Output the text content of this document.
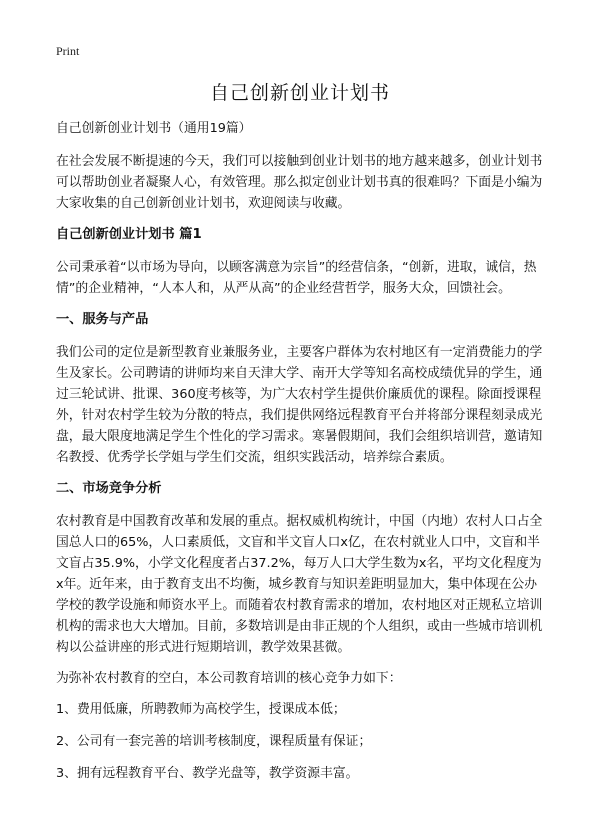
Print
自己创新创业计划书

自己创新创业计划书（通用19篇）

在社会发展不断提速的今天，我们可以接触到创业计划书的地方越来越多，创业计划书可以帮助创业者凝聚人心，有效管理。那么拟定创业计划书真的很难吗？下面是小编为大家收集的自己创新创业计划书，欢迎阅读与收藏。

自己创新创业计划书 篇1

公司秉承着“以市场为导向，以顾客满意为宗旨”的经营信条，“创新，进取，诚信，热情”的企业精神，“人本人和，从严从高”的企业经营哲学，服务大众，回馈社会。

一、服务与产品

我们公司的定位是新型教育业兼服务业，主要客户群体为农村地区有一定消费能力的学生及家长。公司聘请的讲师均来自天津大学、南开大学等知名高校成绩优异的学生，通过三轮试讲、批课、360度考核等，为广大农村学生提供价廉质优的课程。除面授课程外，针对农村学生较为分散的特点，我们提供网络远程教育平台并将部分课程刻录成光盘，最大限度地满足学生个性化的学习需求。寒暑假期间，我们会组织培训营，邀请知名教授、优秀学长学姐与学生们交流，组织实践活动，培养综合素质。

二、市场竞争分析

农村教育是中国教育改革和发展的重点。据权威机构统计，中国（内地）农村人口占全国总人口的65%，人口素质低，文盲和半文盲人口x亿，在农村就业人口中，文盲和半文盲占35.9%，小学文化程度者占37.2%，每万人口大学生数为x名，平均文化程度为x年。近年来，由于教育支出不均衡，城乡教育与知识差距明显加大，集中体现在公办学校的教学设施和师资水平上。而随着农村教育需求的增加，农村地区对正规私立培训机构的需求也大大增加。目前，多数培训是由非正规的个人组织，或由一些城市培训机构以公益讲座的形式进行短期培训，教学效果甚微。

为弥补农村教育的空白，本公司教育培训的核心竞争力如下：

1、费用低廉，所聘教师为高校学生，授课成本低；

2、公司有一套完善的培训考核制度，课程质量有保证；

3、拥有远程教育平台、教学光盘等，教学资源丰富。
